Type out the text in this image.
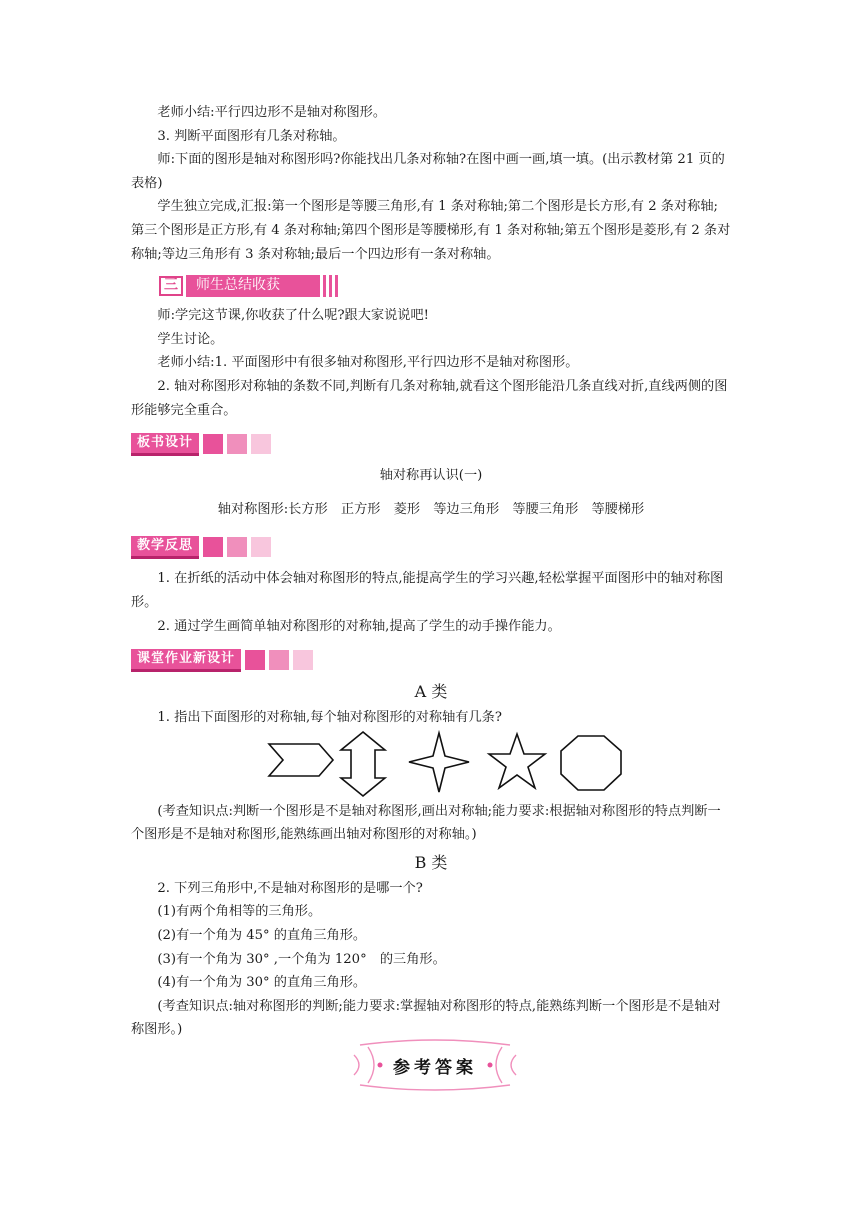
老师小结:平行四边形不是轴对称图形。

3. 判断平面图形有几条对称轴。

师:下面的图形是轴对称图形吗?你能找出几条对称轴?在图中画一画,填一填。(出示教材第 21 页的表格)

学生独立完成,汇报:第一个图形是等腰三角形,有 1 条对称轴;第二个图形是长方形,有 2 条对称轴;第三个图形是正方形,有 4 条对称轴;第四个图形是等腰梯形,有 1 条对称轴;第五个图形是菱形,有 2 条对称轴;等边三角形有 3 条对称轴;最后一个四边形有一条对称轴。

三	师生总结收获

师:学完这节课,你收获了什么呢?跟大家说说吧!

学生讨论。

老师小结:1. 平面图形中有很多轴对称图形,平行四边形不是轴对称图形。

2. 轴对称图形对称轴的条数不同,判断有几条对称轴,就看这个图形能沿几条直线对折,直线两侧的图形能够完全重合。

板书设计

轴对称再认识(一)

轴对称图形:长方形　正方形　菱形　等边三角形　等腰三角形　等腰梯形

教学反思

1. 在折纸的活动中体会轴对称图形的特点,能提高学生的学习兴趣,轻松掌握平面图形中的轴对称图形。

2. 通过学生画简单轴对称图形的对称轴,提高了学生的动手操作能力。

课堂作业新设计

A 类

1. 指出下面图形的对称轴,每个轴对称图形的对称轴有几条?

(考查知识点:判断一个图形是不是轴对称图形,画出对称轴;能力要求:根据轴对称图形的特点判断一个图形是不是轴对称图形,能熟练画出轴对称图形的对称轴。)

B 类

2. 下列三角形中,不是轴对称图形的是哪一个?

(1)有两个角相等的三角形。

(2)有一个角为 45° 的直角三角形。

(3)有一个角为 30° ,一个角为 120°　的三角形。

(4)有一个角为 30° 的直角三角形。

(考查知识点:轴对称图形的判断;能力要求:掌握轴对称图形的特点,能熟练判断一个图形是不是轴对称图形。)

参考答案
